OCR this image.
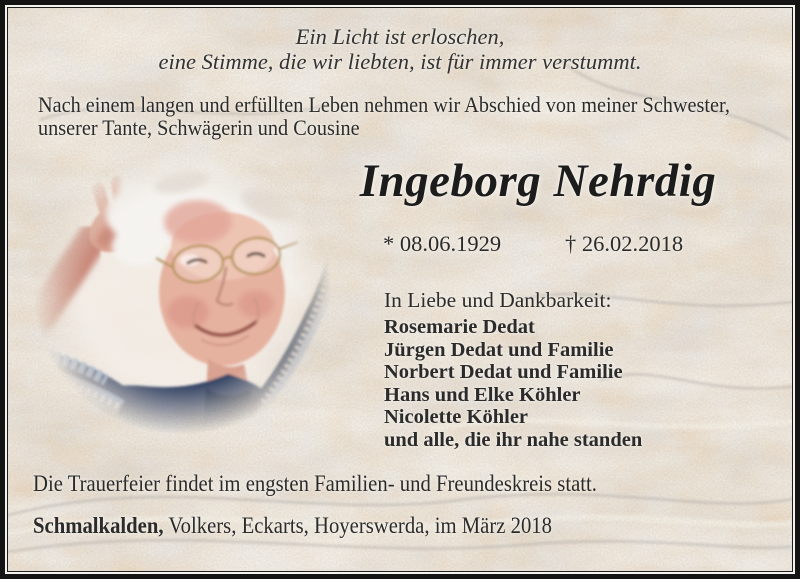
Ein Licht ist erloschen,
eine Stimme, die wir liebten, ist für immer verstummt.
Nach einem langen und erfüllten Leben nehmen wir Abschied von meiner Schwester,
unserer Tante, Schwägerin und Cousine
Ingeborg Nehrdig
* 08.06.1929	† 26.02.2018
In Liebe und Dankbarkeit:
Rosemarie Dedat
Jürgen Dedat und Familie
Norbert Dedat und Familie
Hans und Elke Köhler
Nicolette Köhler
und alle, die ihr nahe standen
Die Trauerfeier findet im engsten Familien- und Freundeskreis statt.
Schmalkalden, Volkers, Eckarts, Hoyerswerda, im März 2018
